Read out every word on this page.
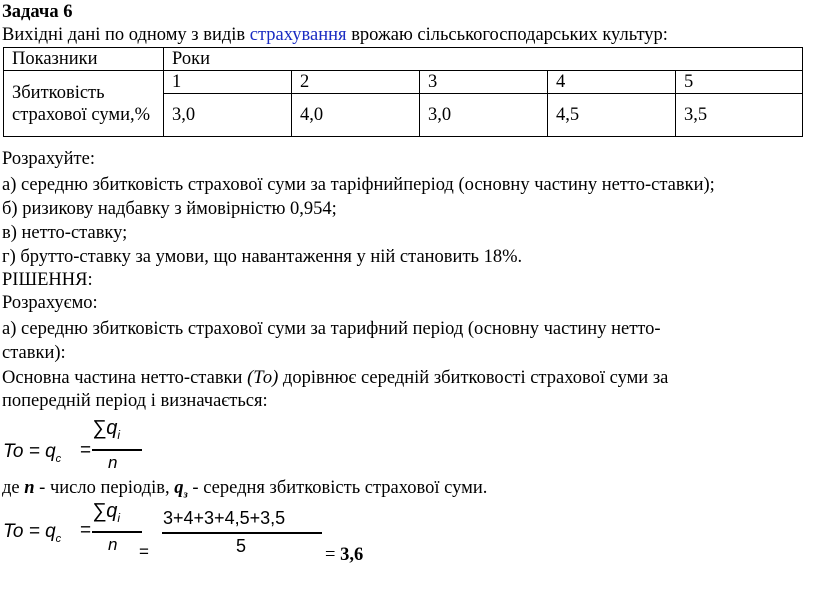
Задача 6
Вихідні дані по одному з видів страхування врожаю сільськогосподарських культур:
Показники	Роки				
Збитковість страхової суми,%	1	2	3	4	5
	3,0	4,0	3,0	4,5	3,5
Розрахуйте:
а) середню збитковість страхової суми за таріфнийперіод (основну частину нетто-ставки);
б) ризикову надбавку з ймовірністю 0,954;
в) нетто-ставку;
г) брутто-ставку за умови, що навантаження у ній становить 18%.
РІШЕННЯ:
Розрахуємо:
а) середню збитковість страхової суми за тарифний період (основну частину нетто-
ставки):
Основна частина нетто-ставки (То) дорівнює середній збитковості страхової суми за
попередній період і визначається:
$To = q_c$ =
$\sum q_i$
n
де n - число періодів, $q_з$ - середня збитковість страхової суми.
$To = q_c$ =
$\sum q_i$
n =
3+4+3+4,5+3,5
5	= 3,6
